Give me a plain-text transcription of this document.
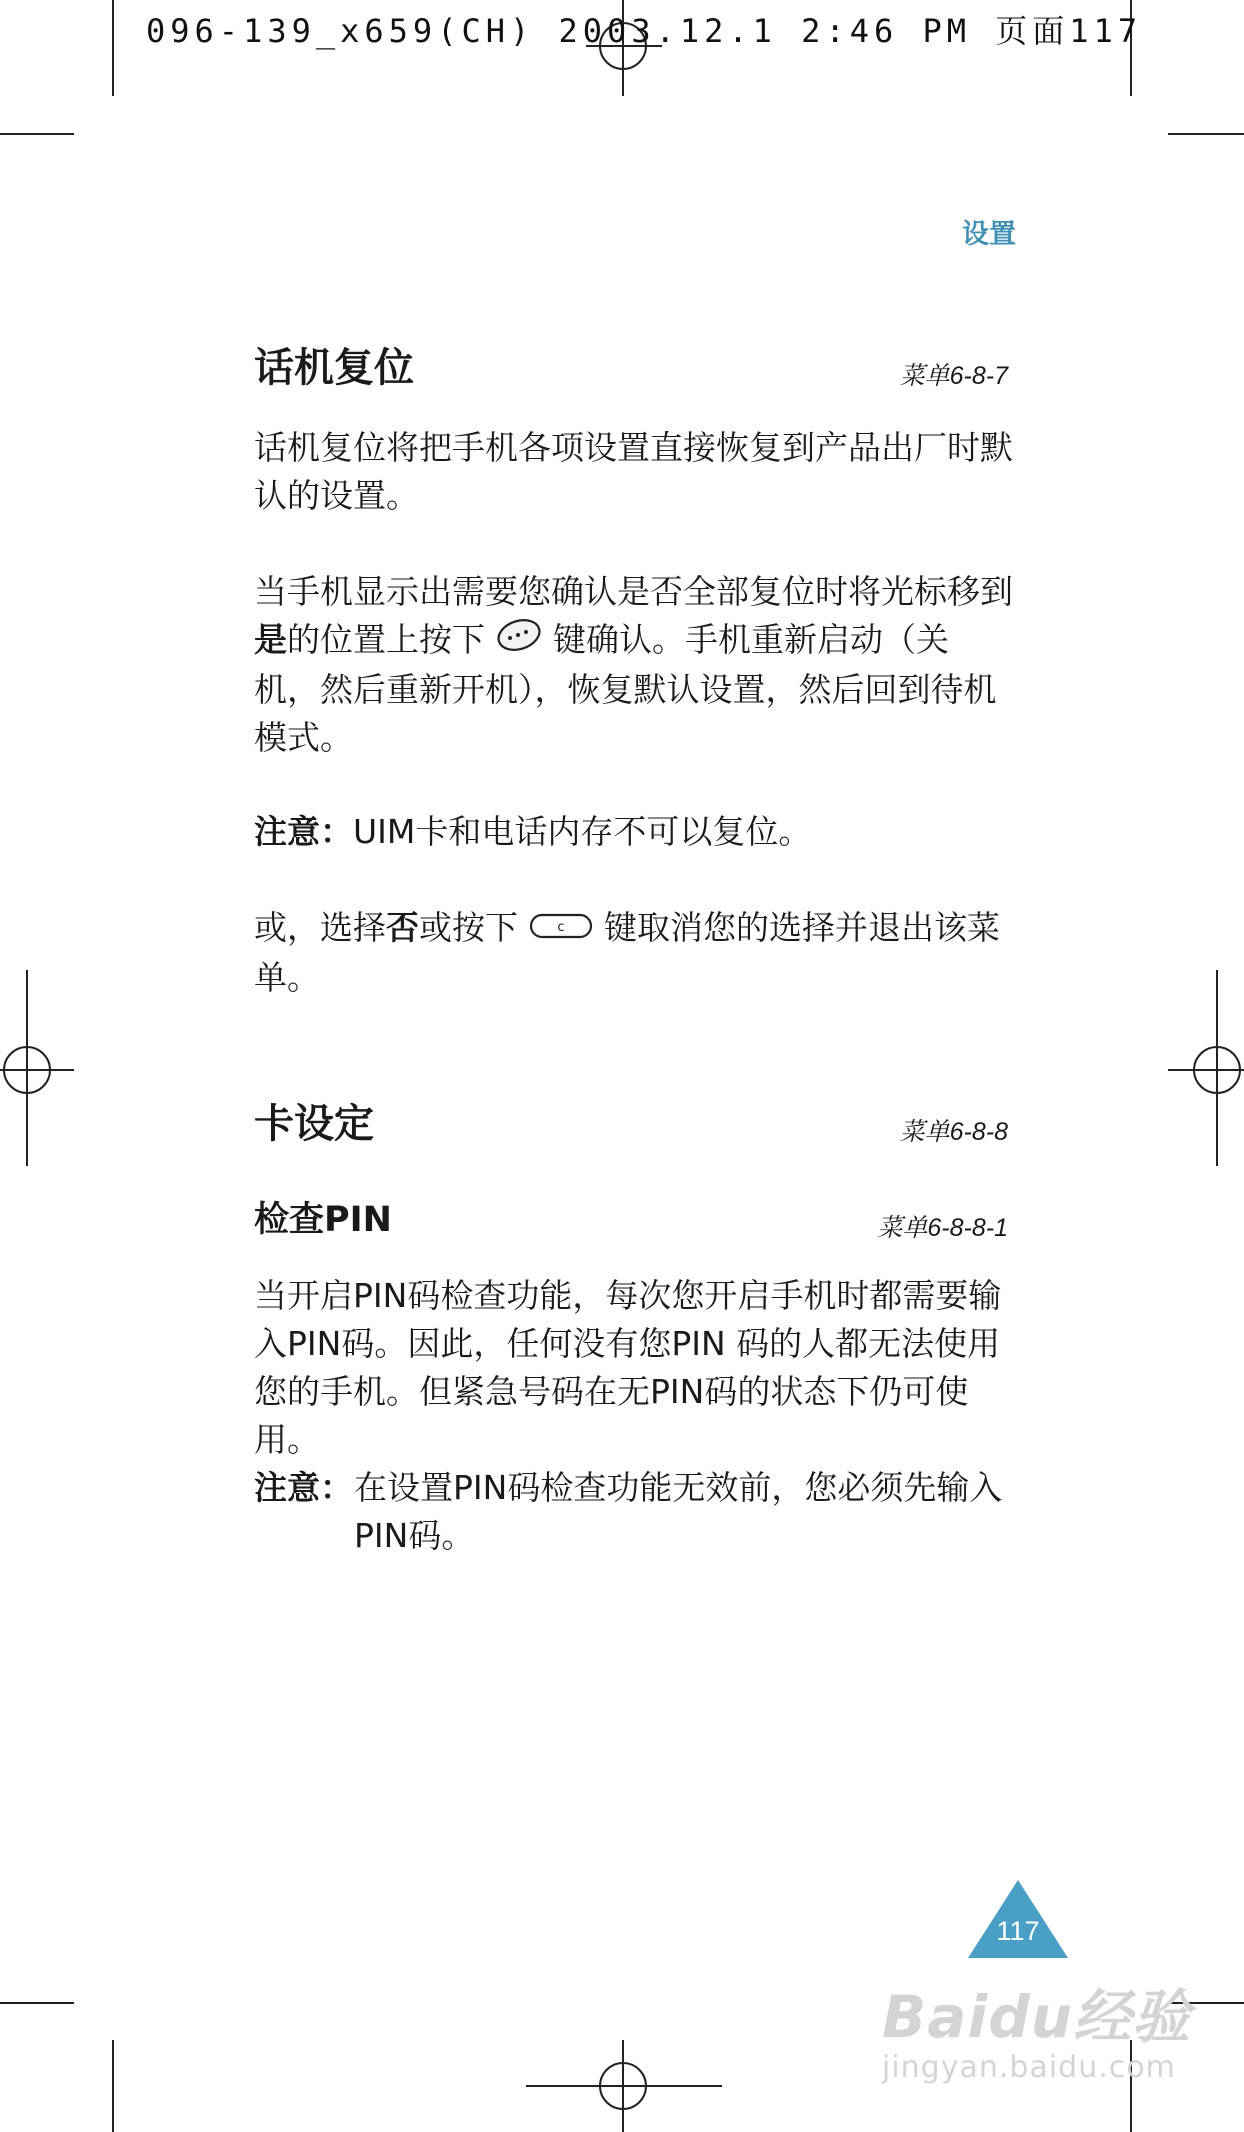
096-139_x659(CH) 2003.12.1 2:46 PM 页面117
设置
话机复位	菜单6-8-7
话机复位将把手机各项设置直接恢复到产品出厂时默认的设置。
当手机显示出需要您确认是否全部复位时将光标移到是的位置上按下 键确认。手机重新启动（关机，然后重新开机），恢复默认设置，然后回到待机模式。
注意：UIM卡和电话内存不可以复位。
或，选择否或按下	c 键取消您的选择并退出该菜单。
卡设定	菜单6-8-8
检查PIN	菜单6-8-8-1
当开启PIN码检查功能，每次您开启手机时都需要输入PIN码。因此，任何没有您PIN 码的人都无法使用您的手机。但紧急号码在无PIN码的状态下仍可使用。
注意： 在设置PIN码检查功能无效前，您必须先输入PIN码。
117
Baidu经验
jingyan.baidu.com
